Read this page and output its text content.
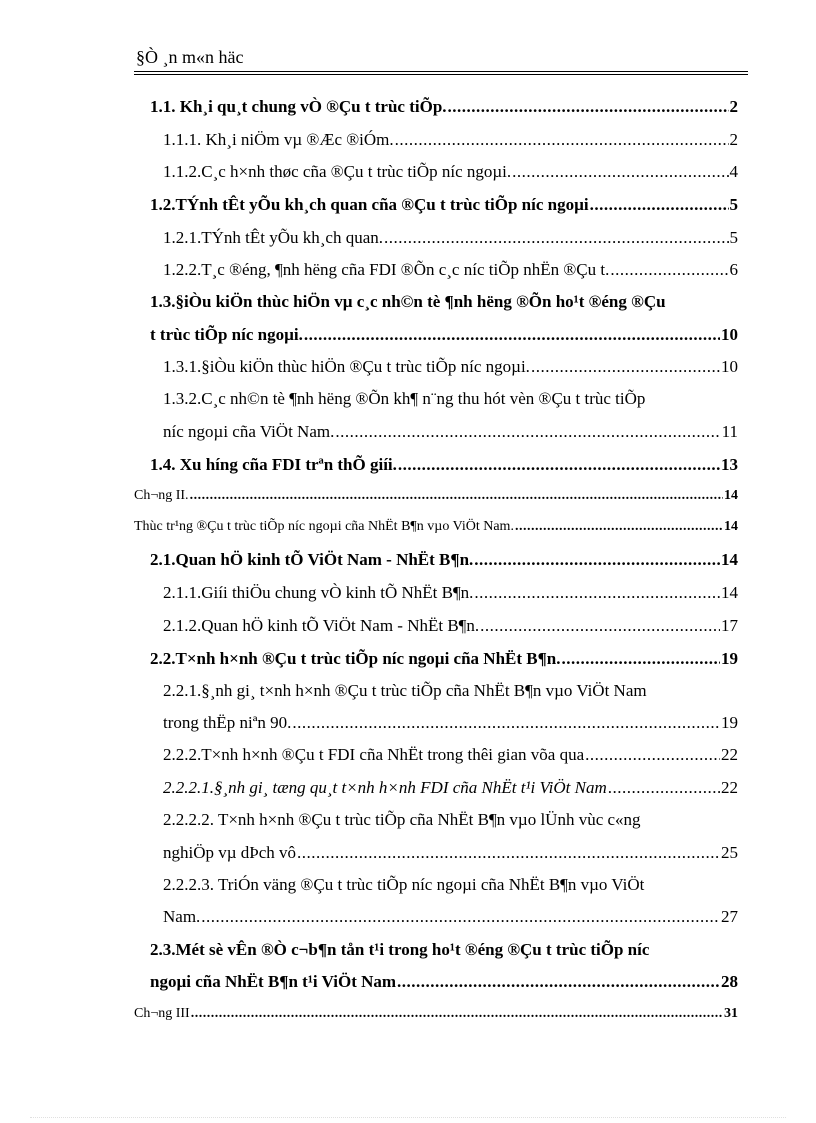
§Ò ¸n m«n häc
1.1. Kh¸i qu¸t chung vÒ ®Çu t trùc tiÕp. .....	2
1.1.1. Kh¸i niÖm vµ ®Æc ®iÓm. .....	2
1.1.2.C¸c h×nh thøc cña ®Çu t trùc tiÕp níc ngoµi. .....	4
1.2.TÝnh tÊt yÕu kh¸ch quan cña ®Çu t trùc tiÕp níc ngoµi .....	5
1.2.1.TÝnh tÊt yÕu kh¸ch quan. .....	5
1.2.2.T¸c ®éng, ¶nh hëng cña FDI ®Õn c¸c níc tiÕp nhËn ®Çu t. .....	6
1.3.§iÒu kiÖn thùc hiÖn vµ c¸c nh©n tè ¶nh hëng ®Õn ho¹t ®éng ®Çu
t trùc tiÕp níc ngoµi. .....	10
1.3.1.§iÒu kiÖn thùc hiÖn ®Çu t trùc tiÕp níc ngoµi. .....	10
1.3.2.C¸c nh©n tè ¶nh hëng ®Õn kh¶ n¨ng thu hót vèn ®Çu t trùc tiÕp
níc ngoµi cña ViÖt Nam. .....	11
1.4. Xu híng cña FDI trªn thÕ giíi. .....	13
Ch¬ng II. .....	14
Thùc tr¹ng ®Çu t trùc tiÕp níc ngoµi cña NhËt B¶n vµo ViÖt Nam. .....	14
2.1.Quan hÖ kinh tÕ ViÖt Nam - NhËt B¶n. .....	14
2.1.1.Giíi thiÖu chung vÒ kinh tÕ NhËt B¶n. .....	14
2.1.2.Quan hÖ kinh tÕ ViÖt Nam - NhËt B¶n. .....	17
2.2.T×nh h×nh ®Çu t trùc tiÕp níc ngoµi cña NhËt B¶n. .....	19
2.2.1.§¸nh gi¸ t×nh h×nh ®Çu t trùc tiÕp cña NhËt B¶n vµo ViÖt Nam
trong thËp niªn 90. .....	19
2.2.2.T×nh h×nh ®Çu t FDI cña NhËt trong thêi gian võa qua .....	22
2.2.2.1.§¸nh gi¸ tæng qu¸t t×nh h×nh FDI cña NhËt t¹i ViÖt Nam .....	22
2.2.2.2. T×nh h×nh ®Çu t trùc tiÕp cña NhËt B¶n vµo lÜnh vùc c«ng
nghiÖp vµ dÞch vô .....	25
2.2.2.3. TriÓn väng ®Çu t trùc tiÕp níc ngoµi cña NhËt B¶n vµo ViÖt
Nam. .....	27
2.3.Mét sè vÊn ®Ò c¬b¶n tån t¹i trong ho¹t ®éng ®Çu t trùc tiÕp níc
ngoµi cña NhËt B¶n t¹i ViÖt Nam .....	28
Ch¬ng III .....	31
